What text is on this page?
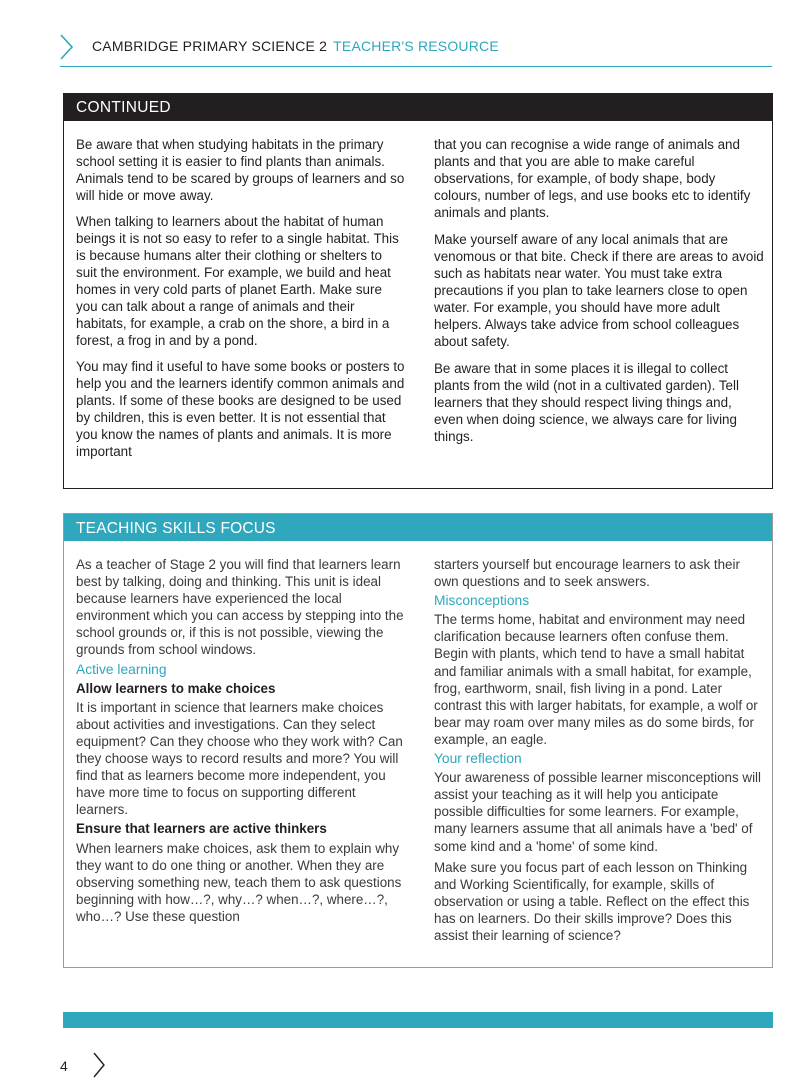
CAMBRIDGE PRIMARY SCIENCE 2 TEACHER'S RESOURCE
CONTINUED

Be aware that when studying habitats in the primary school setting it is easier to find plants than animals. Animals tend to be scared by groups of learners and so will hide or move away.

When talking to learners about the habitat of human beings it is not so easy to refer to a single habitat. This is because humans alter their clothing or shelters to suit the environment. For example, we build and heat homes in very cold parts of planet Earth. Make sure you can talk about a range of animals and their habitats, for example, a crab on the shore, a bird in a forest, a frog in and by a pond.

You may find it useful to have some books or posters to help you and the learners identify common animals and plants. If some of these books are designed to be used by children, this is even better. It is not essential that you know the names of plants and animals. It is more important

that you can recognise a wide range of animals and plants and that you are able to make careful observations, for example, of body shape, body colours, number of legs, and use books etc to identify animals and plants.

Make yourself aware of any local animals that are venomous or that bite. Check if there are areas to avoid such as habitats near water. You must take extra precautions if you plan to take learners close to open water. For example, you should have more adult helpers. Always take advice from school colleagues about safety.

Be aware that in some places it is illegal to collect plants from the wild (not in a cultivated garden). Tell learners that they should respect living things and, even when doing science, we always care for living things.

TEACHING SKILLS FOCUS

As a teacher of Stage 2 you will find that learners learn best by talking, doing and thinking. This unit is ideal because learners have experienced the local environment which you can access by stepping into the school grounds or, if this is not possible, viewing the grounds from school windows.

Active learning
Allow learners to make choices

It is important in science that learners make choices about activities and investigations. Can they select equipment? Can they choose who they work with? Can they choose ways to record results and more? You will find that as learners become more independent, you have more time to focus on supporting different learners.

Ensure that learners are active thinkers

When learners make choices, ask them to explain why they want to do one thing or another. When they are observing something new, teach them to ask questions beginning with how…?, why…? when…?, where…?, who…? Use these question

starters yourself but encourage learners to ask their own questions and to seek answers.

Misconceptions

The terms home, habitat and environment may need clarification because learners often confuse them. Begin with plants, which tend to have a small habitat and familiar animals with a small habitat, for example, frog, earthworm, snail, fish living in a pond. Later contrast this with larger habitats, for example, a wolf or bear may roam over many miles as do some birds, for example, an eagle.

Your reflection

Your awareness of possible learner misconceptions will assist your teaching as it will help you anticipate possible difficulties for some learners. For example, many learners assume that all animals have a 'bed' of some kind and a 'home' of some kind.

Make sure you focus part of each lesson on Thinking and Working Scientifically, for example, skills of observation or using a table. Reflect on the effect this has on learners. Do their skills improve? Does this assist their learning of science?

4
